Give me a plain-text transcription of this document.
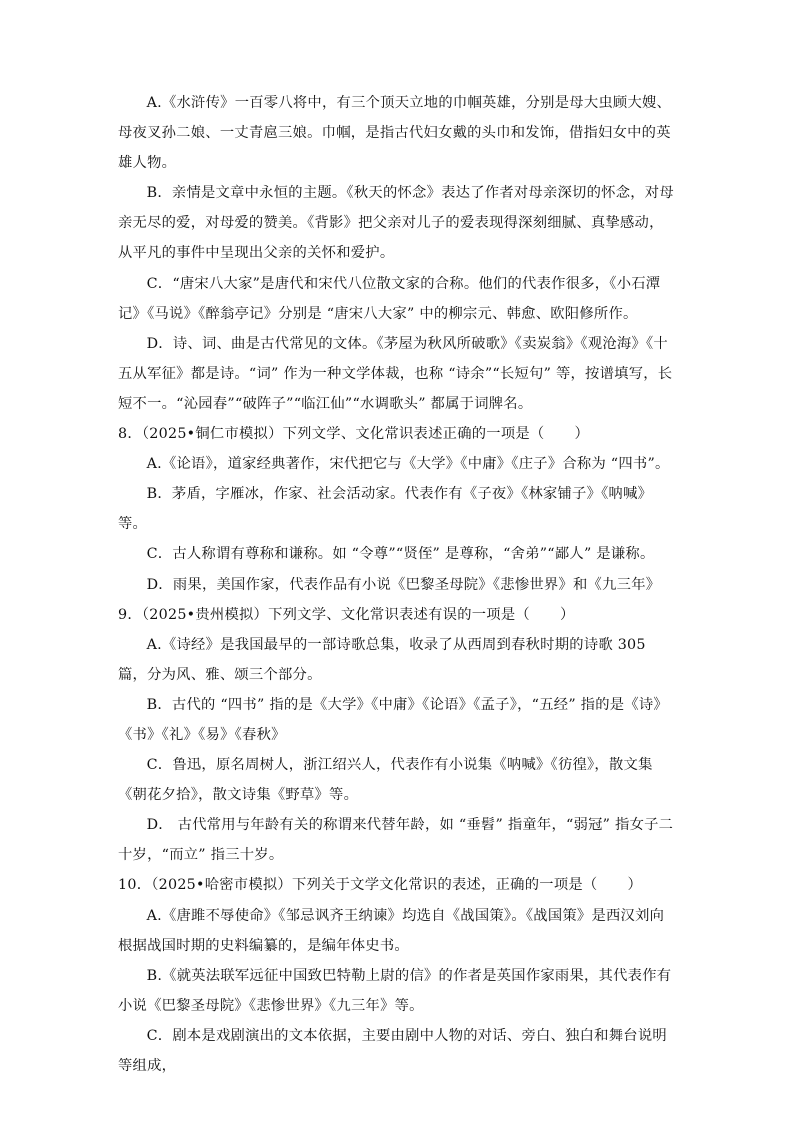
A.《水浒传》一百零八将中，有三个顶天立地的巾帼英雄，分别是母大虫顾大嫂、母夜叉孙二娘、一丈青扈三娘。巾帼，是指古代妇女戴的头巾和发饰，借指妇女中的英雄人物。

B．亲情是文章中永恒的主题。《秋天的怀念》表达了作者对母亲深切的怀念，对母亲无尽的爱，对母爱的赞美。《背影》把父亲对儿子的爱表现得深刻细腻、真挚感动，从平凡的事件中呈现出父亲的关怀和爱护。

C．“唐宋八大家”是唐代和宋代八位散文家的合称。他们的代表作很多，《小石潭记》《马说》《醉翁亭记》分别是 “唐宋八大家” 中的柳宗元、韩愈、欧阳修所作。

D．诗、词、曲是古代常见的文体。《茅屋为秋风所破歌》《卖炭翁》《观沧海》《十五从军征》都是诗。“词” 作为一种文学体裁，也称 “诗余”“长短句” 等，按谱填写，长短不一。“沁园春”“破阵子”“临江仙”“水调歌头” 都属于词牌名。

8．（2025•铜仁市模拟）下列文学、文化常识表述正确的一项是（ ）

A.《论语》，道家经典著作，宋代把它与《大学》《中庸》《庄子》合称为 “四书”。

B．茅盾，字雁冰，作家、社会活动家。代表作有《子夜》《林家铺子》《呐喊》等。

C．古人称谓有尊称和谦称。如 “令尊”“贤侄” 是尊称，“舍弟”“鄙人” 是谦称。

D．雨果，美国作家，代表作品有小说《巴黎圣母院》《悲惨世界》和《九三年》

9．（2025•贵州模拟）下列文学、文化常识表述有误的一项是（ ）

A.《诗经》是我国最早的一部诗歌总集，收录了从西周到春秋时期的诗歌 305 篇，分为风、雅、颂三个部分。

B．古代的 “四书” 指的是《大学》《中庸》《论语》《孟子》，“五经” 指的是《诗》《书》《礼》《易》《春秋》

C．鲁迅，原名周树人，浙江绍兴人，代表作有小说集《呐喊》《彷徨》，散文集《朝花夕拾》，散文诗集《野草》等。

D． 古代常用与年龄有关的称谓来代替年龄，如 “垂髫” 指童年，“弱冠” 指女子二十岁，“而立” 指三十岁。

10．（2025•哈密市模拟）下列关于文学文化常识的表述，正确的一项是（ ）

A.《唐雎不辱使命》《邹忌讽齐王纳谏》均选自《战国策》。《战国策》是西汉刘向根据战国时期的史料编纂的，是编年体史书。

B.《就英法联军远征中国致巴特勒上尉的信》的作者是英国作家雨果，其代表作有小说《巴黎圣母院》《悲惨世界》《九三年》等。

C．剧本是戏剧演出的文本依据，主要由剧中人物的对话、旁白、独白和舞台说明等组成，
